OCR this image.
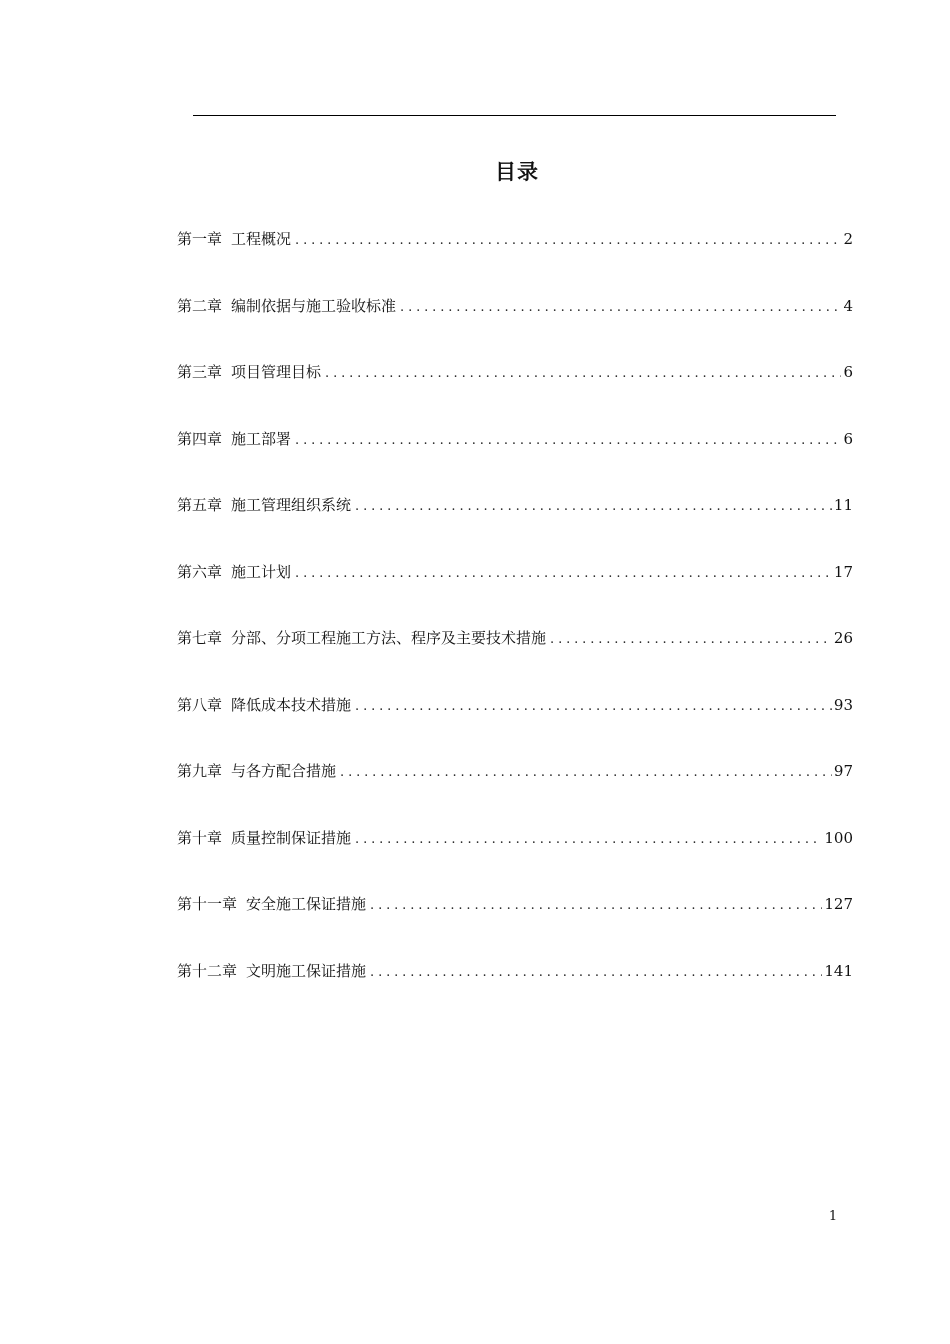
目录
第一章 工程概况 .....	2
第二章 编制依据与施工验收标准 .....	4
第三章 项目管理目标 .....	6
第四章 施工部署 .....	6
第五章 施工管理组织系统 .....	11
第六章 施工计划 .....	17
第七章 分部、分项工程施工方法、程序及主要技术措施 .....	26
第八章 降低成本技术措施 .....	93
第九章 与各方配合措施 .....	97
第十章 质量控制保证措施 .....	100
第十一章 安全施工保证措施 .....	127
第十二章 文明施工保证措施 .....	141
1
